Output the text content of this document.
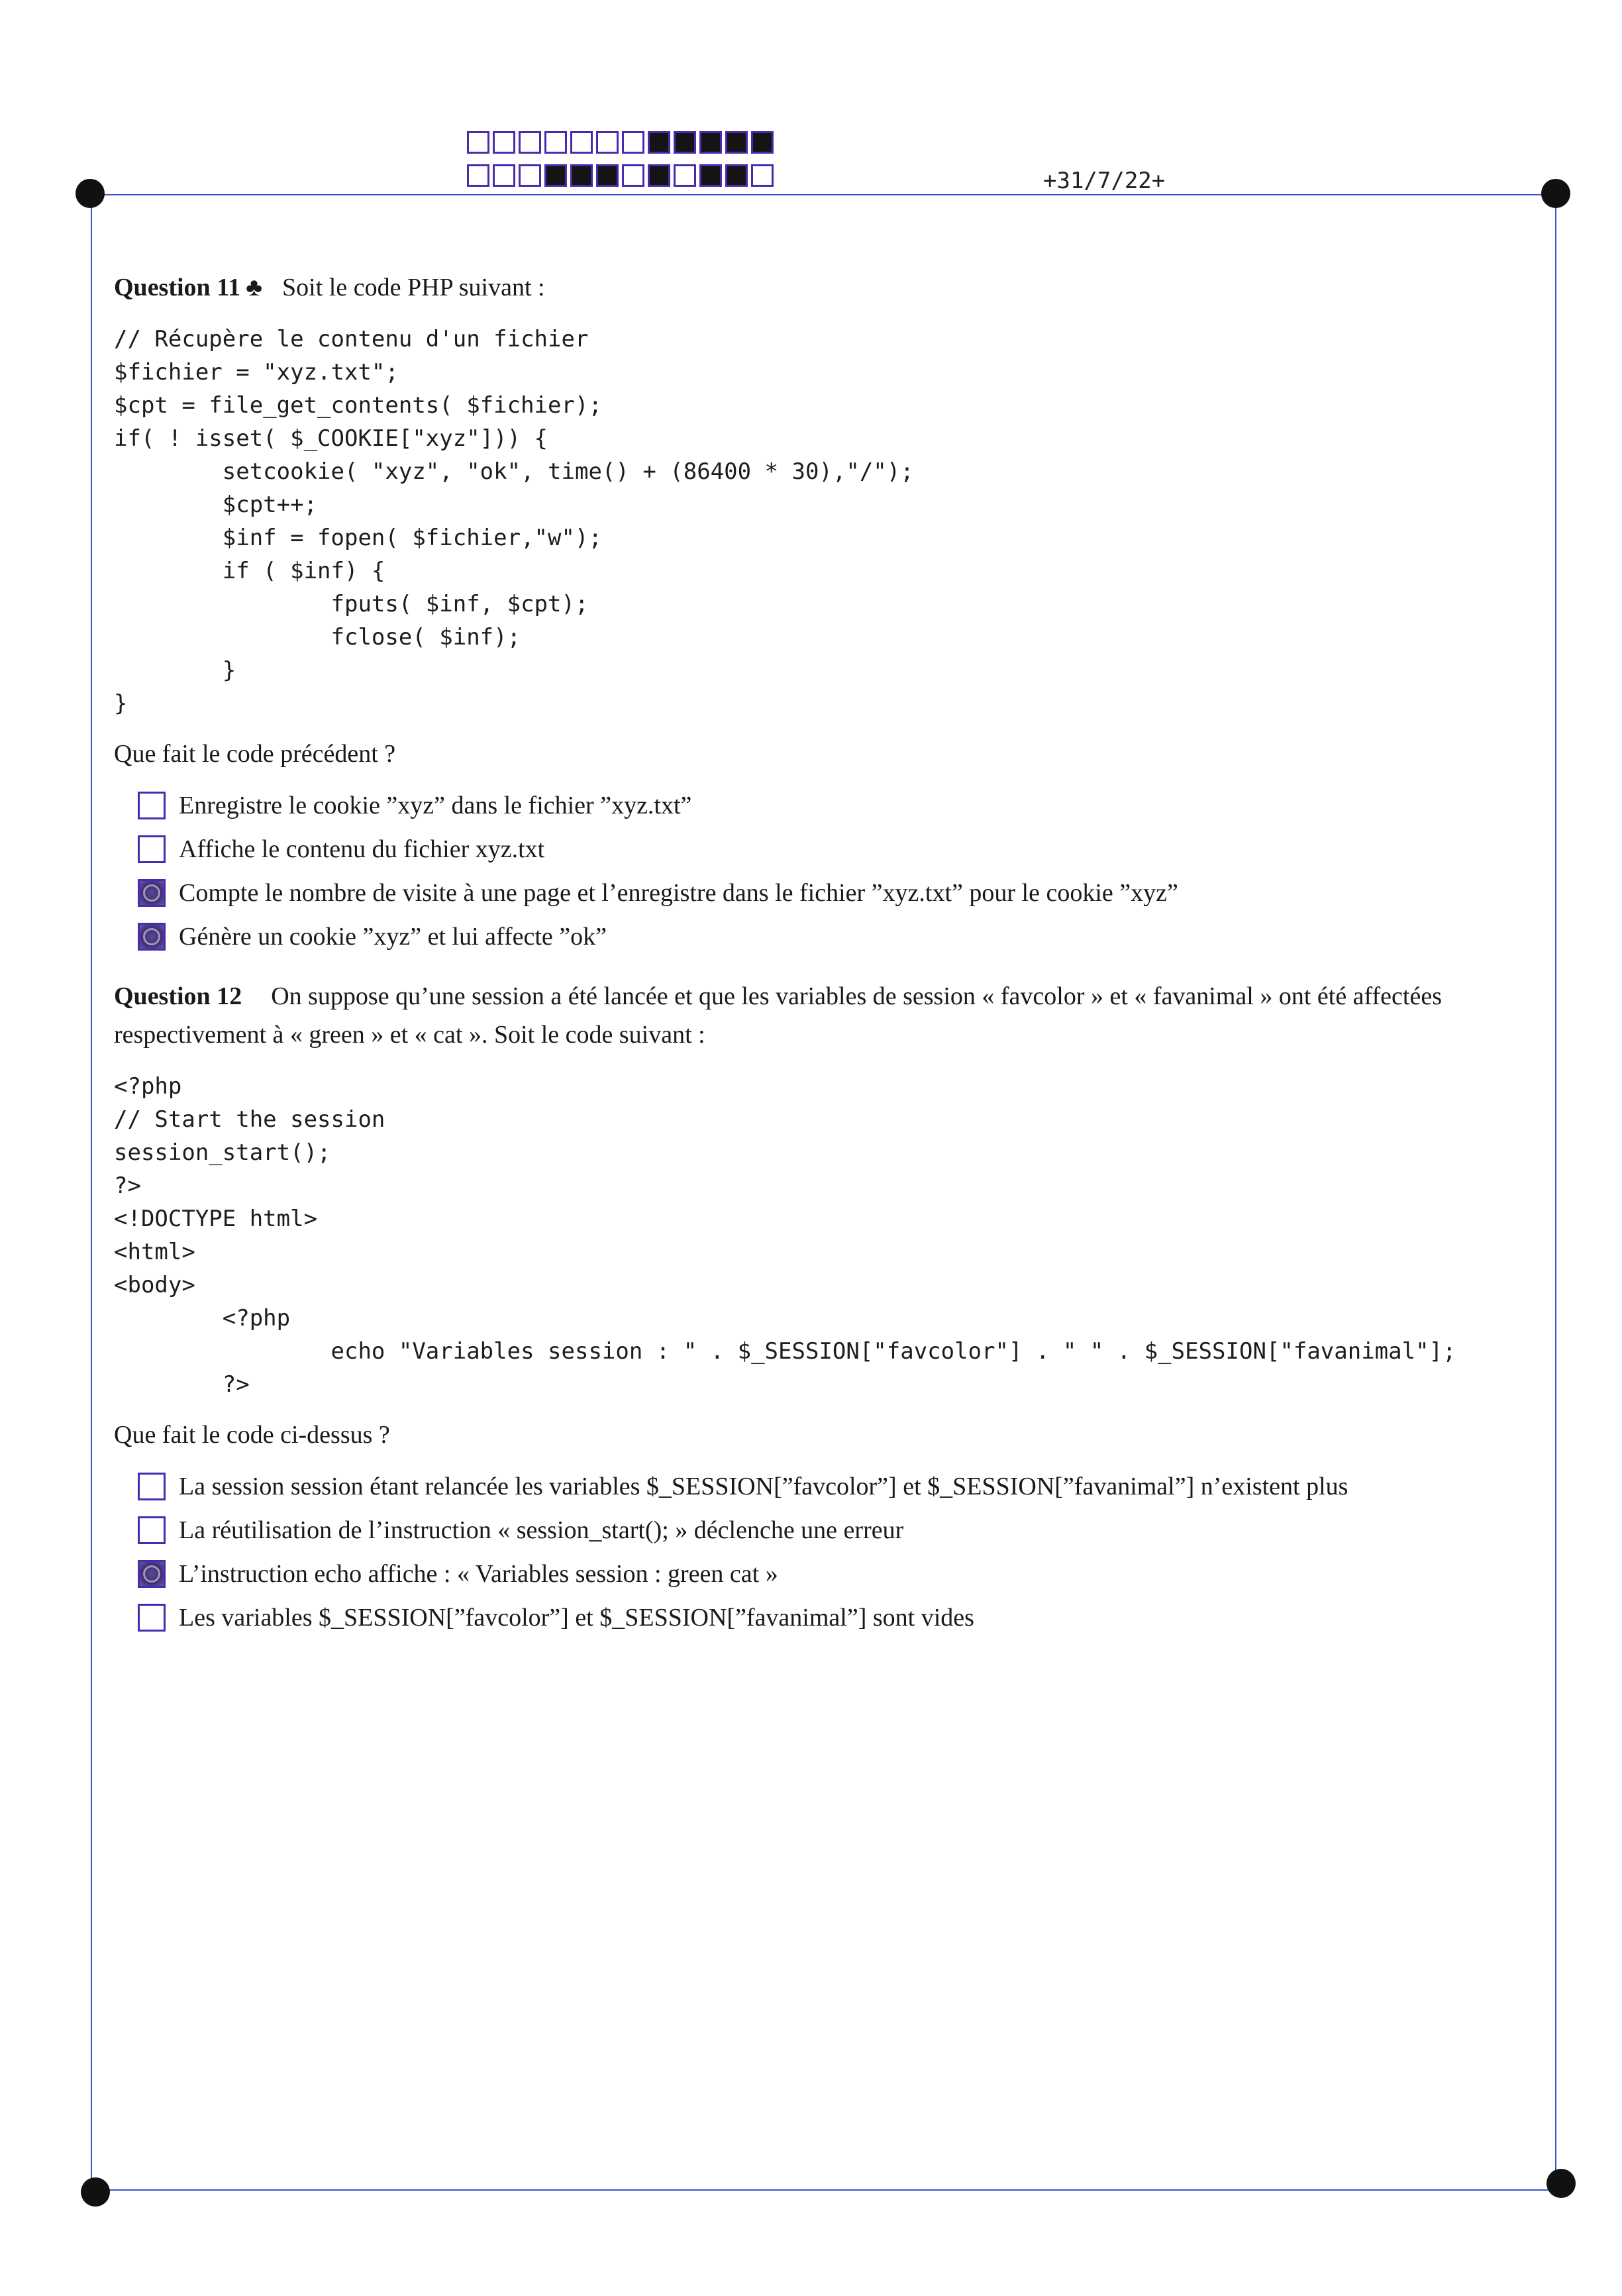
+31/7/22+
Question 11 ♣ Soit le code PHP suivant :
// Récupère le contenu d'un fichier
$fichier = "xyz.txt";
$cpt = file_get_contents( $fichier);
if( ! isset( $_COOKIE["xyz"])) {
setcookie( "xyz", "ok", time() + (86400 * 30),"/");
$cpt++;
$inf = fopen( $fichier,"w");
if ( $inf) {
fputs( $inf, $cpt);
fclose( $inf);
}
}
Que fait le code précédent ?
Enregistre le cookie ”xyz” dans le fichier ”xyz.txt”
Affiche le contenu du fichier xyz.txt
Compte le nombre de visite à une page et l’enregistre dans le fichier ”xyz.txt” pour le cookie ”xyz”
Génère un cookie ”xyz” et lui affecte ”ok”
Question 12 On suppose qu’une session a été lancée et que les variables de session « favcolor » et « favanimal » ont été affectées respectivement à « green » et « cat ». Soit le code suivant :
<?php
// Start the session
session_start();
?>
<!DOCTYPE html>
<html>
<body>
<?php
echo "Variables session : " . $_SESSION["favcolor"] . " " . $_SESSION["favanimal"];
?>
Que fait le code ci-dessus ?
La session session étant relancée les variables $_SESSION[”favcolor”] et $_SESSION[”favanimal”] n’existent plus
La réutilisation de l’instruction « session_start(); » déclenche une erreur
L’instruction echo affiche : « Variables session : green cat »
Les variables $_SESSION[”favcolor”] et $_SESSION[”favanimal”] sont vides
